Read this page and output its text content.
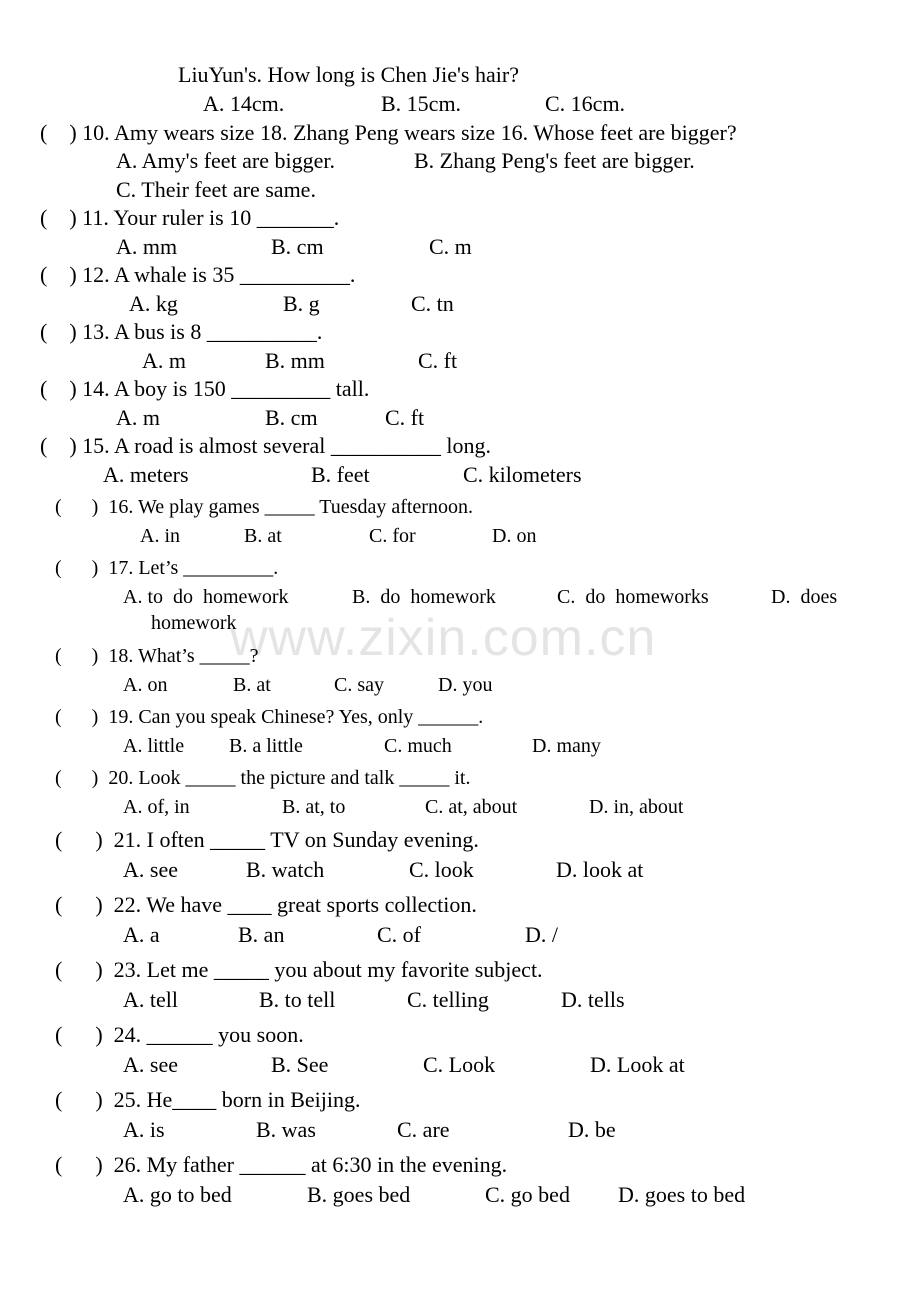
www.zixin.com.cn
LiuYun's. How long is Chen Jie's hair?
A. 14cm.	B. 15cm.	C. 16cm.
(    ) 10. Amy wears size 18. Zhang Peng wears size 16. Whose feet are bigger?
A. Amy's feet are bigger.	B. Zhang Peng's feet are bigger.
C. Their feet are same.
(    ) 11. Your ruler is 10 _______.
A. mm	B. cm	C. m
(    ) 12. A whale is 35 __________.
A. kg	B. g	C. tn
(    ) 13. A bus is 8 __________.
A. m	B. mm	C. ft
(    ) 14. A boy is 150 _________ tall.
A. m	B. cm	C. ft
(    ) 15. A road is almost several __________ long.
A. meters	B. feet	C. kilometers
(      )  16. We play games _____ Tuesday afternoon.
A. in	B. at	C. for	D. on
(      )  17. Let’s _________.
A. to  do  homework	B.  do  homework	C.  do  homeworks	D.  does
homework
(      )  18. What’s _____?
A. on	B. at	C. say	D. you
(      )  19. Can you speak Chinese? Yes, only ______.
A. little B. a little	C. much	D. many
(      )  20. Look _____ the picture and talk _____ it.
A. of, in	B. at, to	C. at, about	D. in, about
(      )  21. I often _____ TV on Sunday evening.
A. see	B. watch	C. look	D. look at
(      )  22. We have ____ great sports collection.
A. a	B. an	C. of	D. /
(      )  23. Let me _____ you about my favorite subject.
A. tell	B. to tell	C. telling	D. tells
(      )  24. ______ you soon.
A. see	B. See	C. Look	D. Look at
(      )  25. He____ born in Beijing.
A. is	B. was	C. are	D. be
(      )  26. My father ______ at 6:30 in the evening.
A. go to bed	B. goes bed	C. go bed D. goes to bed
